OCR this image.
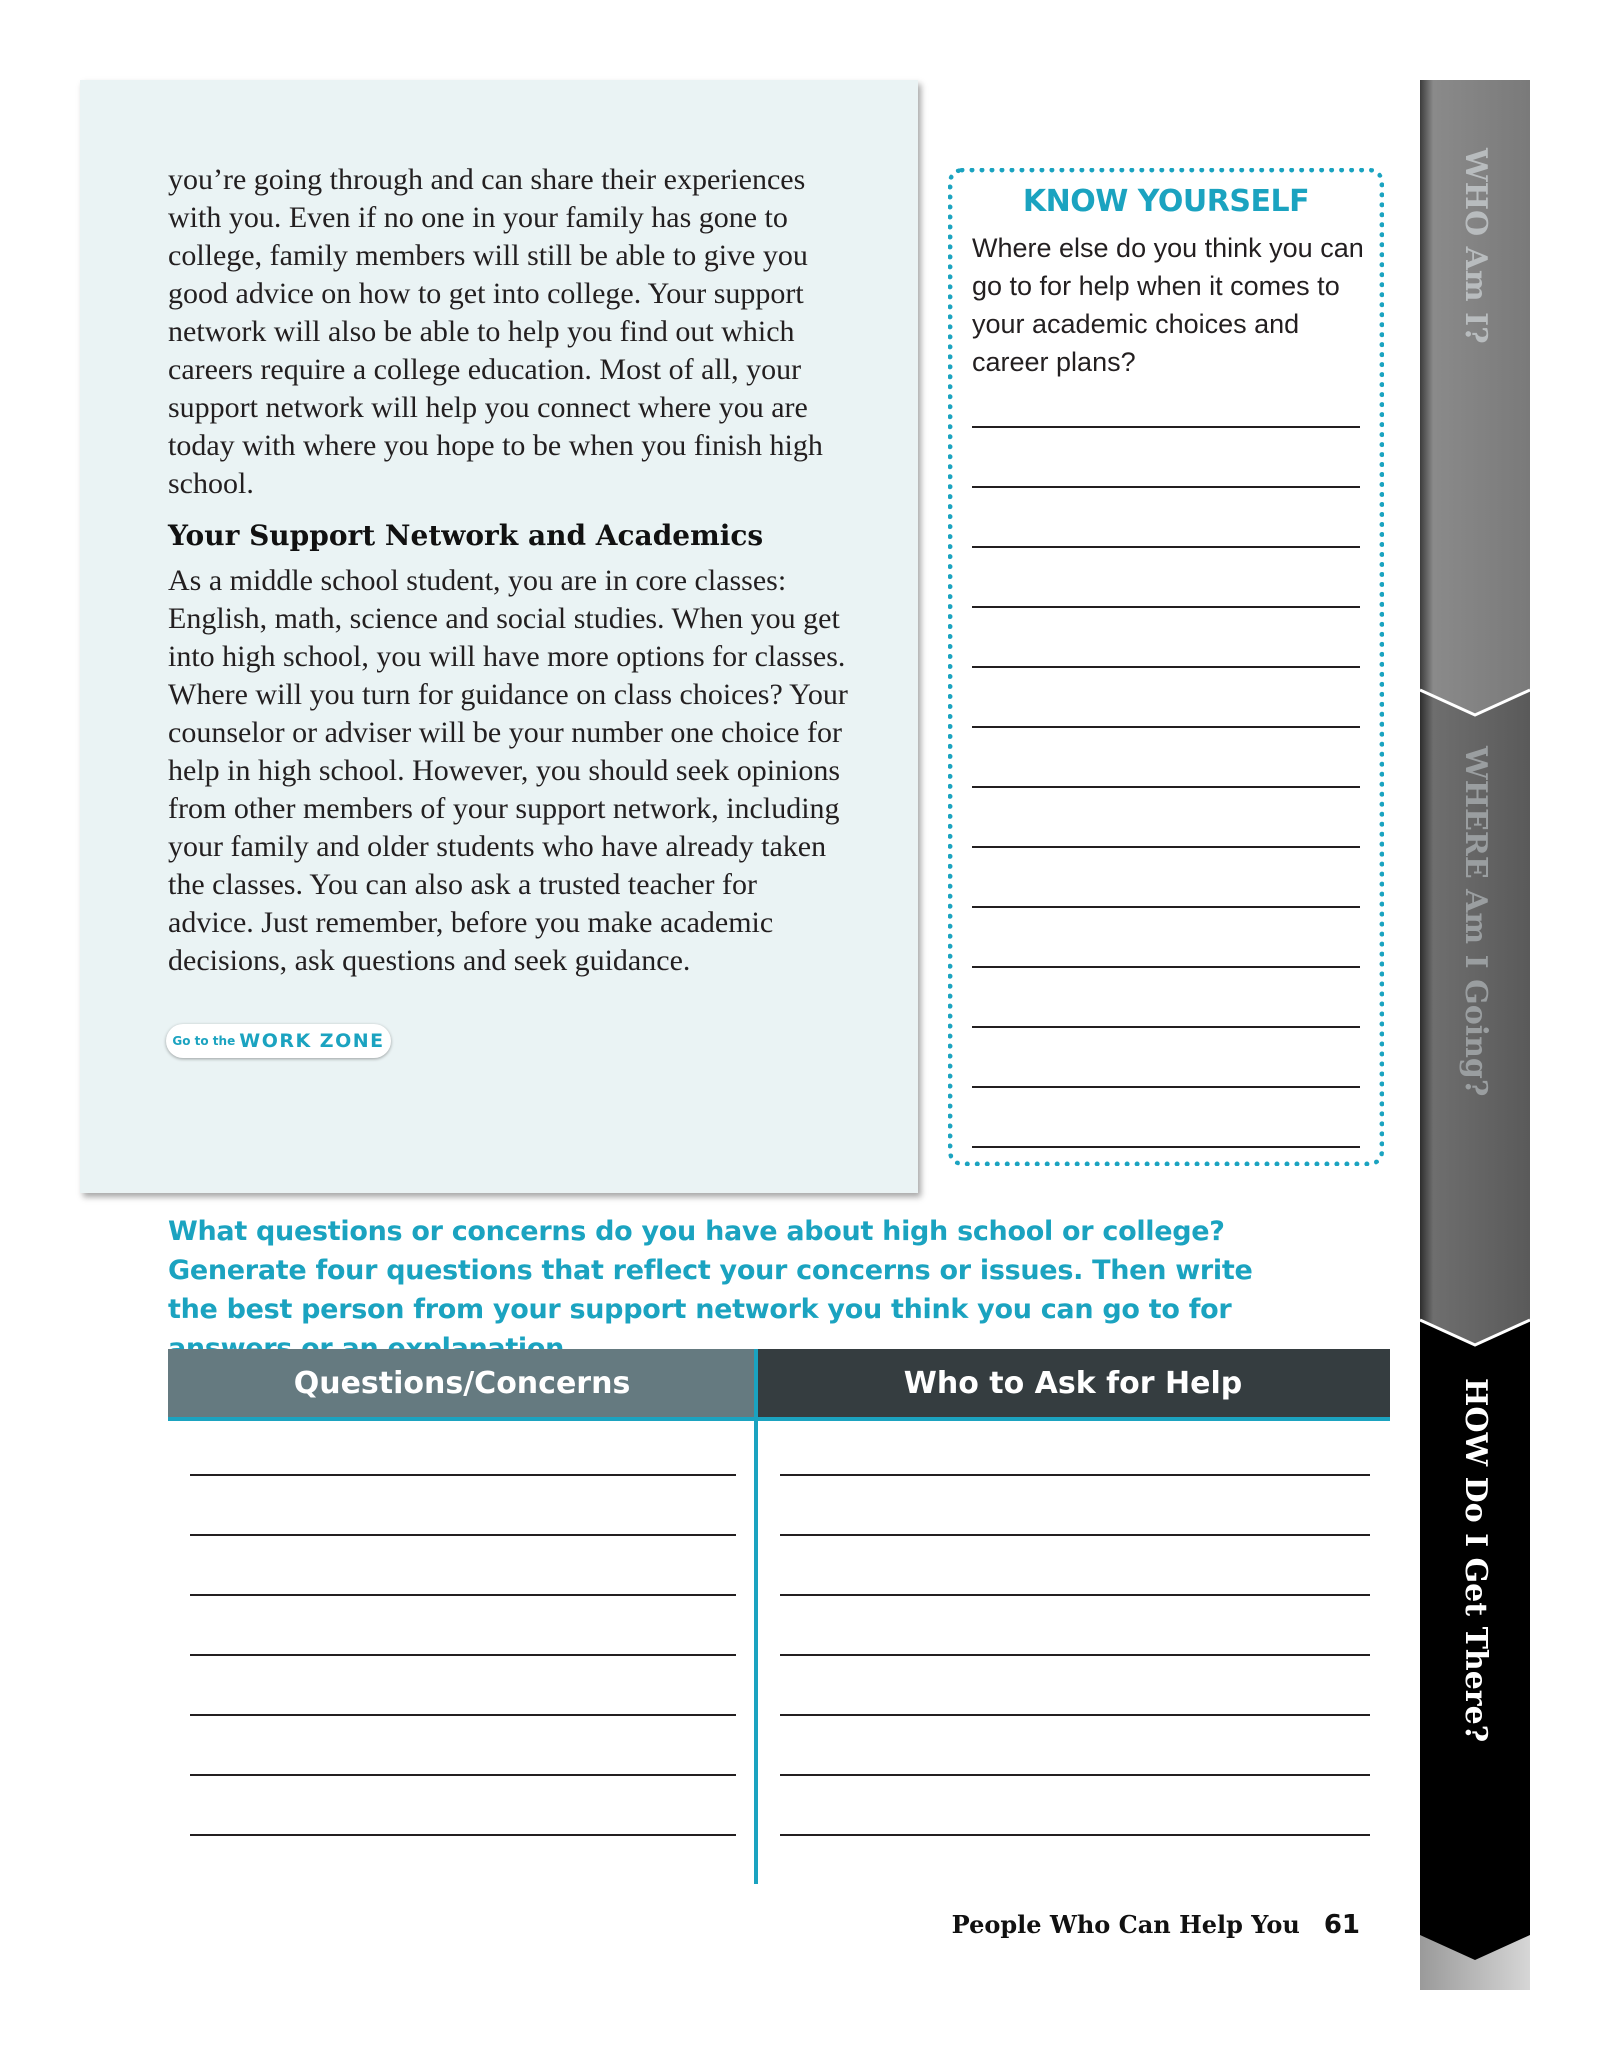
you’re going through and can share their experiences with you. Even if no one in your family has gone to college, family members will still be able to give you good advice on how to get into college. Your support network will also be able to help you find out which careers require a college education. Most of all, your support network will help you connect where you are today with where you hope to be when you finish high school.

Your Support Network and Academics

As a middle school student, you are in core classes: English, math, science and social studies. When you get into high school, you will have more options for classes. Where will you turn for guidance on class choices? Your counselor or adviser will be your number one choice for help in high school. However, you should seek opinions from other members of your support network, including your family and older students who have already taken the classes. You can also ask a trusted teacher for advice. Just remember, before you make academic decisions, ask questions and seek guidance.

Go to the WORK ZONE
KNOW YOURSELF

Where else do you think you can go to for help when it comes to your academic choices and career plans?

What questions or concerns do you have about high school or college? Generate four questions that reflect your concerns or issues. Then write the best person from your support network you think you can go to for

Questions/Concerns	Who to Ask for Help

People Who Can Help You 61

WHO Am I?
WHERE Am I Going?
HOW Do I Get There?
